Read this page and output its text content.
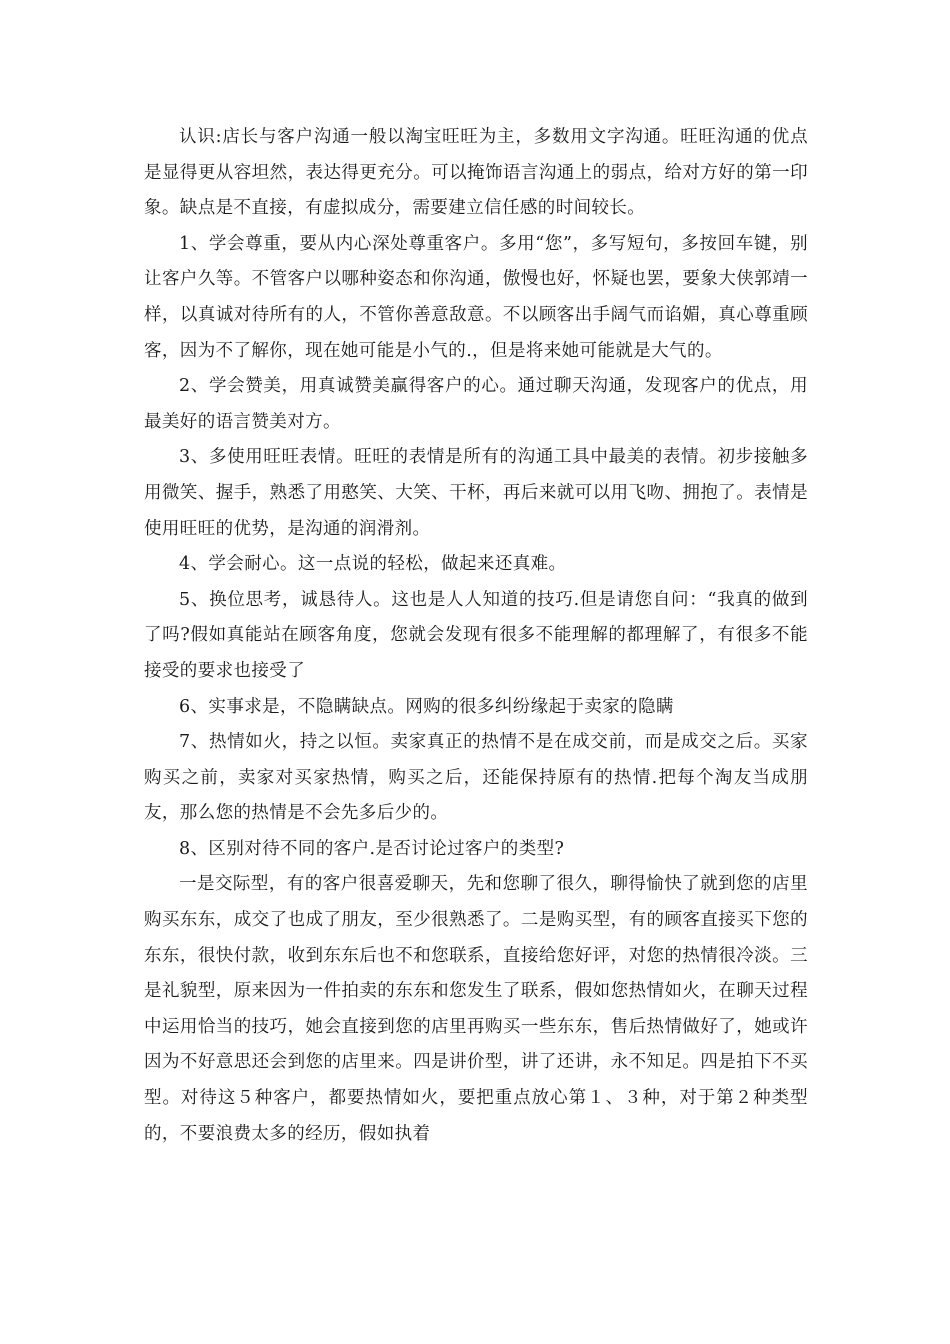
认识:店长与客户沟通一般以淘宝旺旺为主，多数用文字沟通。旺旺沟通的优点是显得更从容坦然，表达得更充分。可以掩饰语言沟通上的弱点，给对方好的第一印象。缺点是不直接，有虚拟成分，需要建立信任感的时间较长。

1、学会尊重，要从内心深处尊重客户。多用“您”，多写短句，多按回车键，别让客户久等。不管客户以哪种姿态和你沟通，傲慢也好，怀疑也罢，要象大侠郭靖一样，以真诚对待所有的人，不管你善意敌意。不以顾客出手阔气而谄媚，真心尊重顾客，因为不了解你，现在她可能是小气的.，但是将来她可能就是大气的。

2、学会赞美，用真诚赞美赢得客户的心。通过聊天沟通，发现客户的优点，用最美好的语言赞美对方。

3、多使用旺旺表情。旺旺的表情是所有的沟通工具中最美的表情。初步接触多用微笑、握手，熟悉了用憨笑、大笑、干杯，再后来就可以用飞吻、拥抱了。表情是使用旺旺的优势，是沟通的润滑剂。

4、学会耐心。这一点说的轻松，做起来还真难。

5、换位思考，诚恳待人。这也是人人知道的技巧.但是请您自问：“我真的做到了吗?假如真能站在顾客角度，您就会发现有很多不能理解的都理解了，有很多不能接受的要求也接受了

6、实事求是，不隐瞒缺点。网购的很多纠纷缘起于卖家的隐瞒

7、热情如火，持之以恒。卖家真正的热情不是在成交前，而是成交之后。买家购买之前，卖家对买家热情，购买之后，还能保持原有的热情.把每个淘友当成朋友，那么您的热情是不会先多后少的。

8、区别对待不同的客户.是否讨论过客户的类型?

一是交际型，有的客户很喜爱聊天，先和您聊了很久，聊得愉快了就到您的店里购买东东，成交了也成了朋友，至少很熟悉了。二是购买型，有的顾客直接买下您的东东，很快付款，收到东东后也不和您联系，直接给您好评，对您的热情很冷淡。三是礼貌型，原来因为一件拍卖的东东和您发生了联系，假如您热情如火，在聊天过程中运用恰当的技巧，她会直接到您的店里再购买一些东东，售后热情做好了，她或许因为不好意思还会到您的店里来。四是讲价型，讲了还讲，永不知足。四是拍下不买型。对待这５种客户，都要热情如火，要把重点放心第１、３种，对于第２种类型的，不要浪费太多的经历，假如执着
